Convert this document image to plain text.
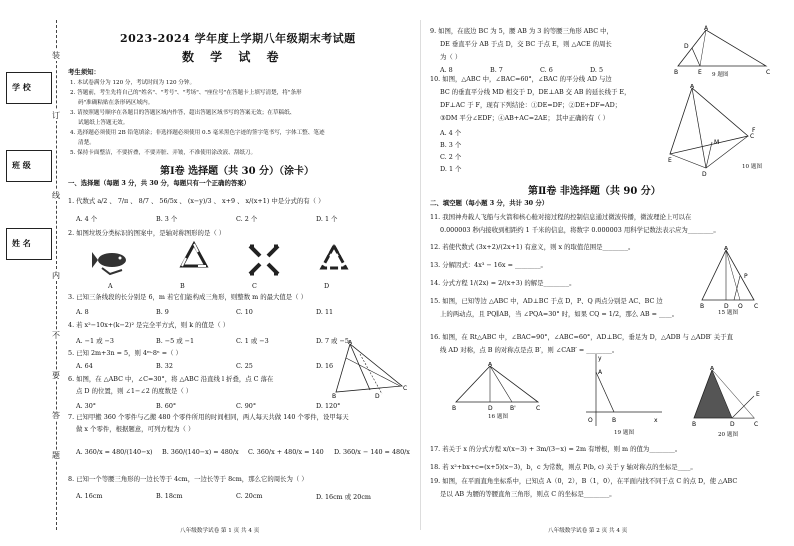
学 校
班 级
姓 名
装
订
线
内
不
要
答
题
2023-2024 学年度上学期八年级期末考试题
数 学 试 卷
考生须知：
1. 本试卷满分为 120 分，考试时间为 120 分钟。
2. 答题前，考生先将自己的"姓名"、"考号"、"考场"、"座位号"在答题卡上填写清楚，将"条形
码"准确粘贴在条形码区域内。
3. 请按照题号顺序在各题目的答题区域内作答，超出答题区域书写的答案无效；在草稿纸、
试题纸上答题无效。
4. 选择题必须使用 2B 铅笔填涂；非选择题必须使用 0.5 毫米黑色字迹的签字笔书写，字体工整、笔迹
清楚。
5. 保持卡面整洁，不要折叠，不要弄脏、弄皱，不准使用涂改液、刮纸刀。
第Ⅰ卷 选择题（共 30 分）（涂卡）
一、选择题（每题 3 分，共 30 分，每题只有一个正确的答案）
1. 代数式 a/2 、 7/π 、 8/7 、 56/5x 、 (x−y)/3 、 x+9 、 x/(x+1) 中是分式的有（ ）
A. 4 个	B. 3 个	C. 2 个	D. 1 个
2. 如图垃圾分类标识的图案中，是轴对称图形的是（ ）
A	B	C	D
3. 已知三条线段的长分别是 6，m 若它们能构成三角形，则整数 m 的最大值是（ ）
A. 8	B. 9	C. 10	D. 11
4. 若 x²−10x+(k−2)² 是完全平方式，则 k 的值是（ ）
A. −1 或 −3	B. −5 或 −1	C. 1 或 −3	D. 7 或 −5
5. 已知 2m+3n = 5，则 4ᵐ·8ⁿ =（ ）
A. 64	B. 32	C. 25	D. 16
6. 如图，在 △ABC 中，∠C=30°，将 △ABC 沿直线 l 折叠，点 C 落在
点 D 的位置，则 ∠1−∠2 的度数是（ ）
A. 30°	B. 60°	C. 90°	D. 120°
A
B
C
D
7. 已知甲搬 360 个零件与乙搬 480 个零件所用的时间相同，两人每天共做 140 个零件，设甲每天
做 x 个零件，根据题意，可列方程为（ ）
A. 360/x = 480/(140−x) B. 360/(140−x) = 480/x C. 360/x + 480/x = 140 D. 360/x − 140 = 480/x
8. 已知一个等腰三角形的一边长等于 4cm，一边长等于 8cm，那么它的周长为（ ）
A. 16cm	B. 18cm	C. 20cm	D. 16cm 或 20cm
八年级数学试卷 第 1 页 共 4 页
9. 如图，在底边 BC 为 5，腰 AB 为 3 的等腰三角形 ABC 中，
DE 垂直平分 AB 于点 D，交 BC 于点 E，则 △ACE 的周长
为（ ）
A. 8	B. 7	C. 6	D. 5
A
B	C
D
E 9 题图
10. 如图，△ABC 中，∠BAC=60°，∠BAC 的平分线 AD 与边
BC 的垂直平分线 MD 相交于 D，DE⊥AB 交 AB 的延长线于 E，
DF⊥AC 于 F，现有下列结论：①DE=DF；②DE+DF=AD；
③DM 平分∠EDF；④AB+AC=2AE； 其中正确的有（ ）
A. 4 个
B. 3 个
C. 2 个
D. 1 个
A
C
E
F
M
D
10 题图
第Ⅱ卷 非选择题（共 90 分）
二、填空题（每小题 3 分，共计 30 分）
11. 我国神舟载人飞船与火箭和核心舱对接过程的控制信息通过微波传播，微波理论上可以在
0.000003 秒内接收到相距约 1 千米的信息，将数字 0.000003 用科学记数法表示应为________。
12. 若使代数式 (3x+2)/(2x+1) 有意义，则 x 的取值范围是________。
13. 分解因式：4x³ − 16x = ________。
14. 分式方程 1/(2x) = 2/(x+3) 的解是________。
15. 如图，已知等边 △ABC 中，AD⊥BC 于点 D，P、Q 两点分别是 AC、BC 边
上的两动点，且 PQ∥AB，当 ∠PQA=30° 时，如果 CQ = 1/2，那么 AB = ____。
A
B	D Q C
P
15 题图
16. 如图，在 Rt△ABC 中，∠BAC=90°，∠ABC=60°，AD⊥BC，垂足为 D，△ADB 与 △ADB′ 关于直
线 AD 对称，点 B 的对称点是点 B′，则 ∠CAB′ = ________。
A
B	D	B'	C
16 题图
A
B
O	x
y
19 题图
A
B	D	C
E
20 题图
17. 若关于 x 的分式方程 x/(x−3) + 3m/(3−x) = 2m 有增根，则 m 的值为________。
18. 若 x²+bx+c=(x+5)(x−3)，b，c 为常数，则点 P(b, c) 关于 y 轴对称点的坐标是____。
19. 如图，在平面直角坐标系中，已知点 A（0，2），B（1，0），在平面内找不同于点 C 的点 D，使 △ABC
是以 AB 为腰的等腰直角三角形，则点 C 的坐标是________。
八年级数学试卷 第 2 页 共 4 页
